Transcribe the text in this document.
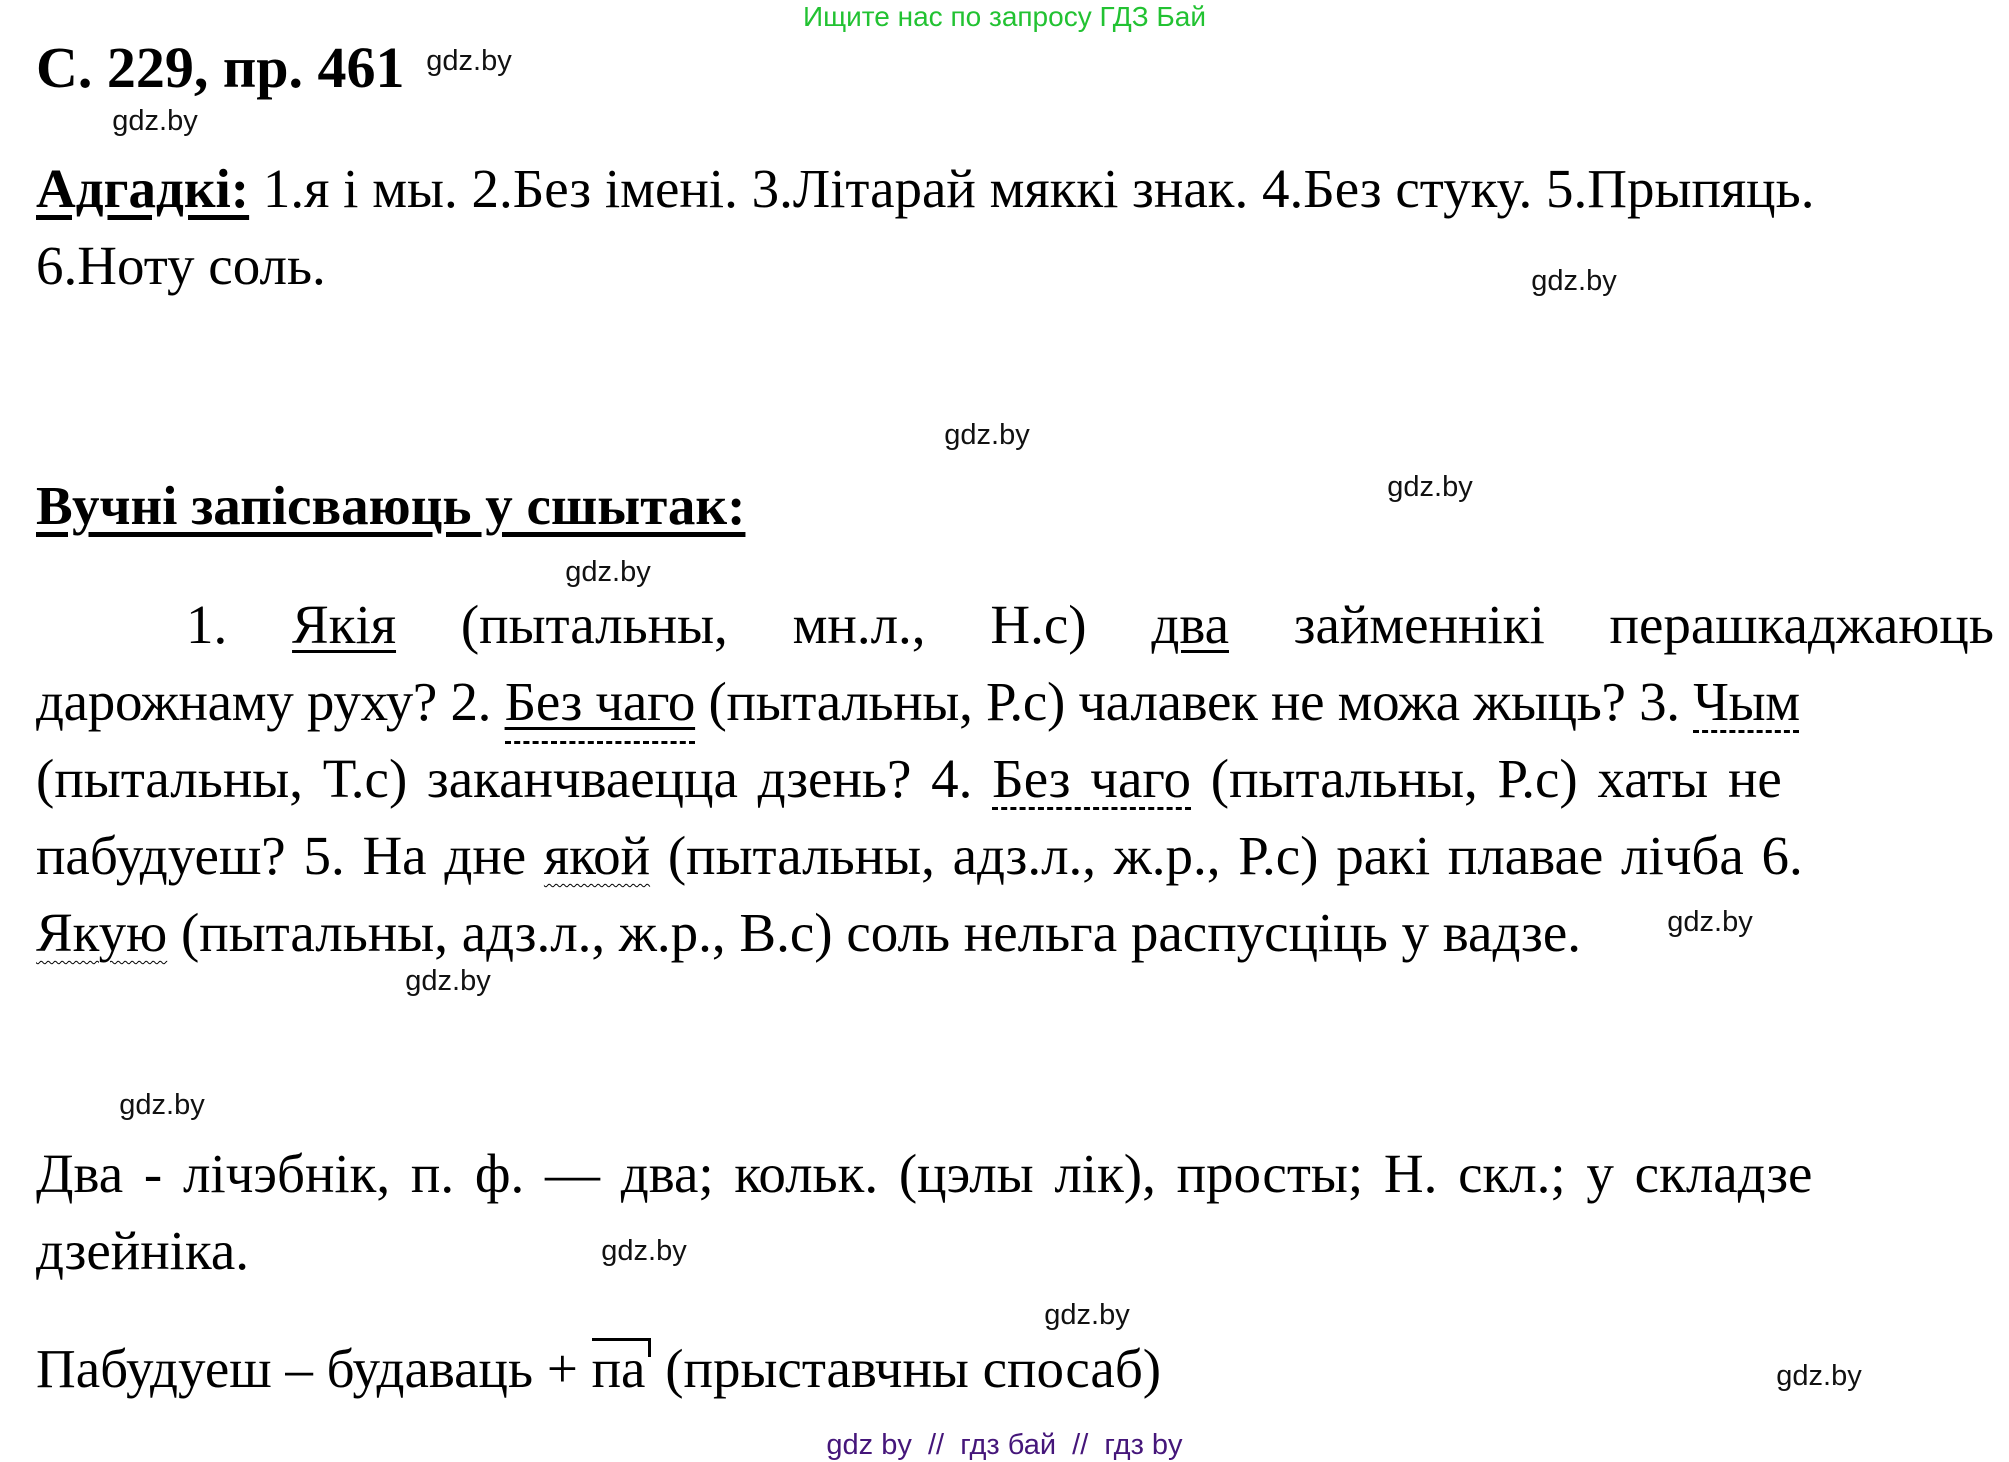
Ищите нас по запросу ГДЗ Бай
С. 229, пр. 461 gdz.by
gdz.by
gdz.by
gdz.by
gdz.by
gdz.by
gdz.by
gdz.by
gdz.by
gdz.by
gdz.by
gdz.by
Адгадкі: 1.я і мы. 2.Без імені. 3.Літарай мяккі знак. 4.Без стуку. 5.Прыпяць.
6.Ноту соль.
Вучні запісваюць у сшытак:
1. Якія (пытальны, мн.л., Н.с) два займеннікі перашкаджаюць
дарожнаму руху? 2. Без чаго (пытальны, Р.с) чалавек не можа жыць? 3. Чым
(пытальны, Т.с) заканчваецца дзень? 4. Без чаго (пытальны, Р.с) хаты не
пабудуеш? 5. На дне якой (пытальны, адз.л., ж.р., Р.с) ракі плавае лічба 6.
Якую (пытальны, адз.л., ж.р., В.с) соль нельга распусціць у вадзе.
Два - лічэбнік, п. ф. — два; кольк. (цэлы лік), просты; Н. скл.; у складзе
дзейніка.
Пабудуеш – будаваць + па (прыставчны спосаб)
gdz by  //  гдз бай  //  гдз by
